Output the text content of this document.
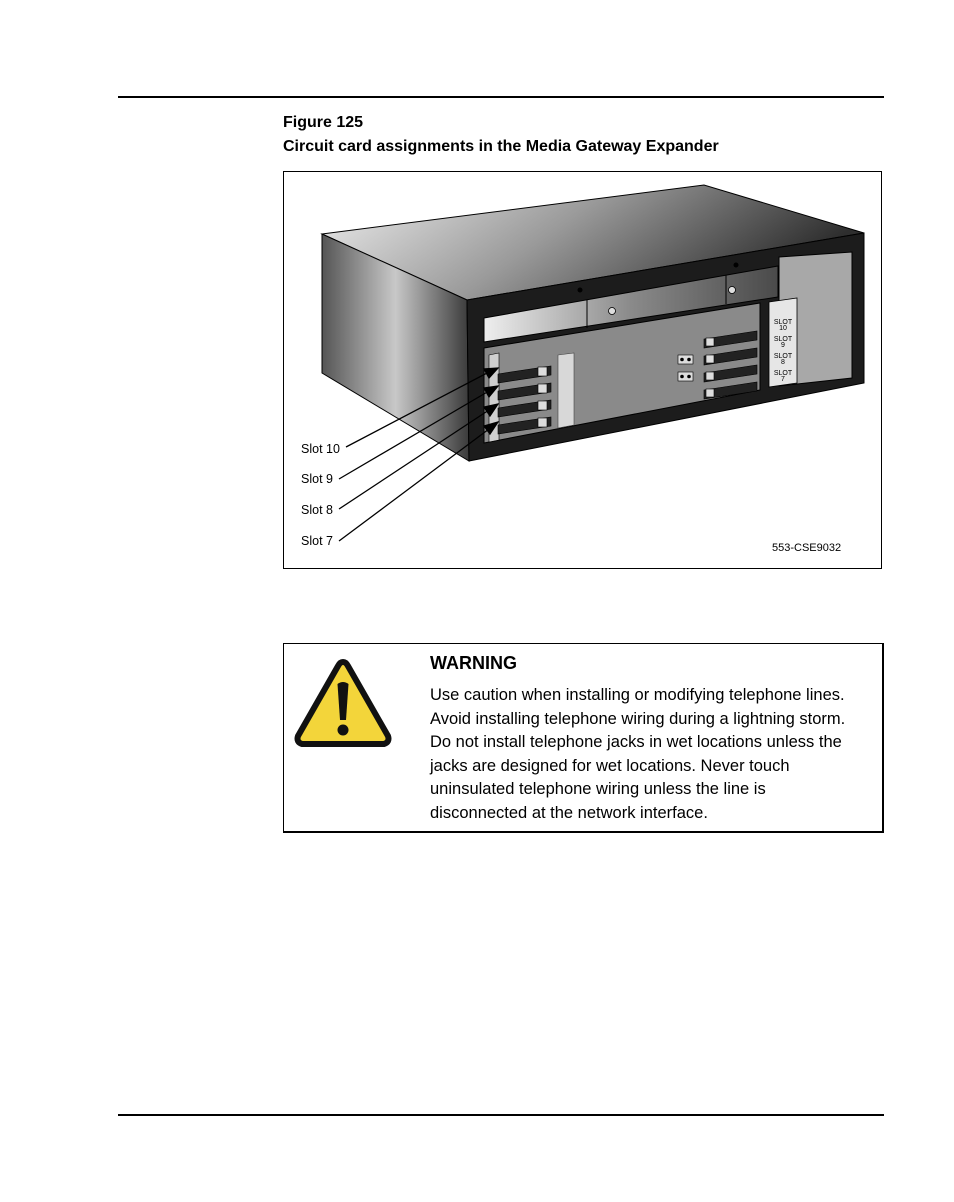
Figure 125
Circuit card assignments in the Media Gateway Expander
SLOT
10
SLOT
9
SLOT
8
SLOT
7
Slot 10
Slot 9
Slot 8
Slot 7	553-CSE9032
WARNING
Use caution when installing or modifying telephone lines.
Avoid installing telephone wiring during a lightning storm.
Do not install telephone jacks in wet locations unless the
jacks are designed for wet locations. Never touch
uninsulated telephone wiring unless the line is
disconnected at the network interface.
